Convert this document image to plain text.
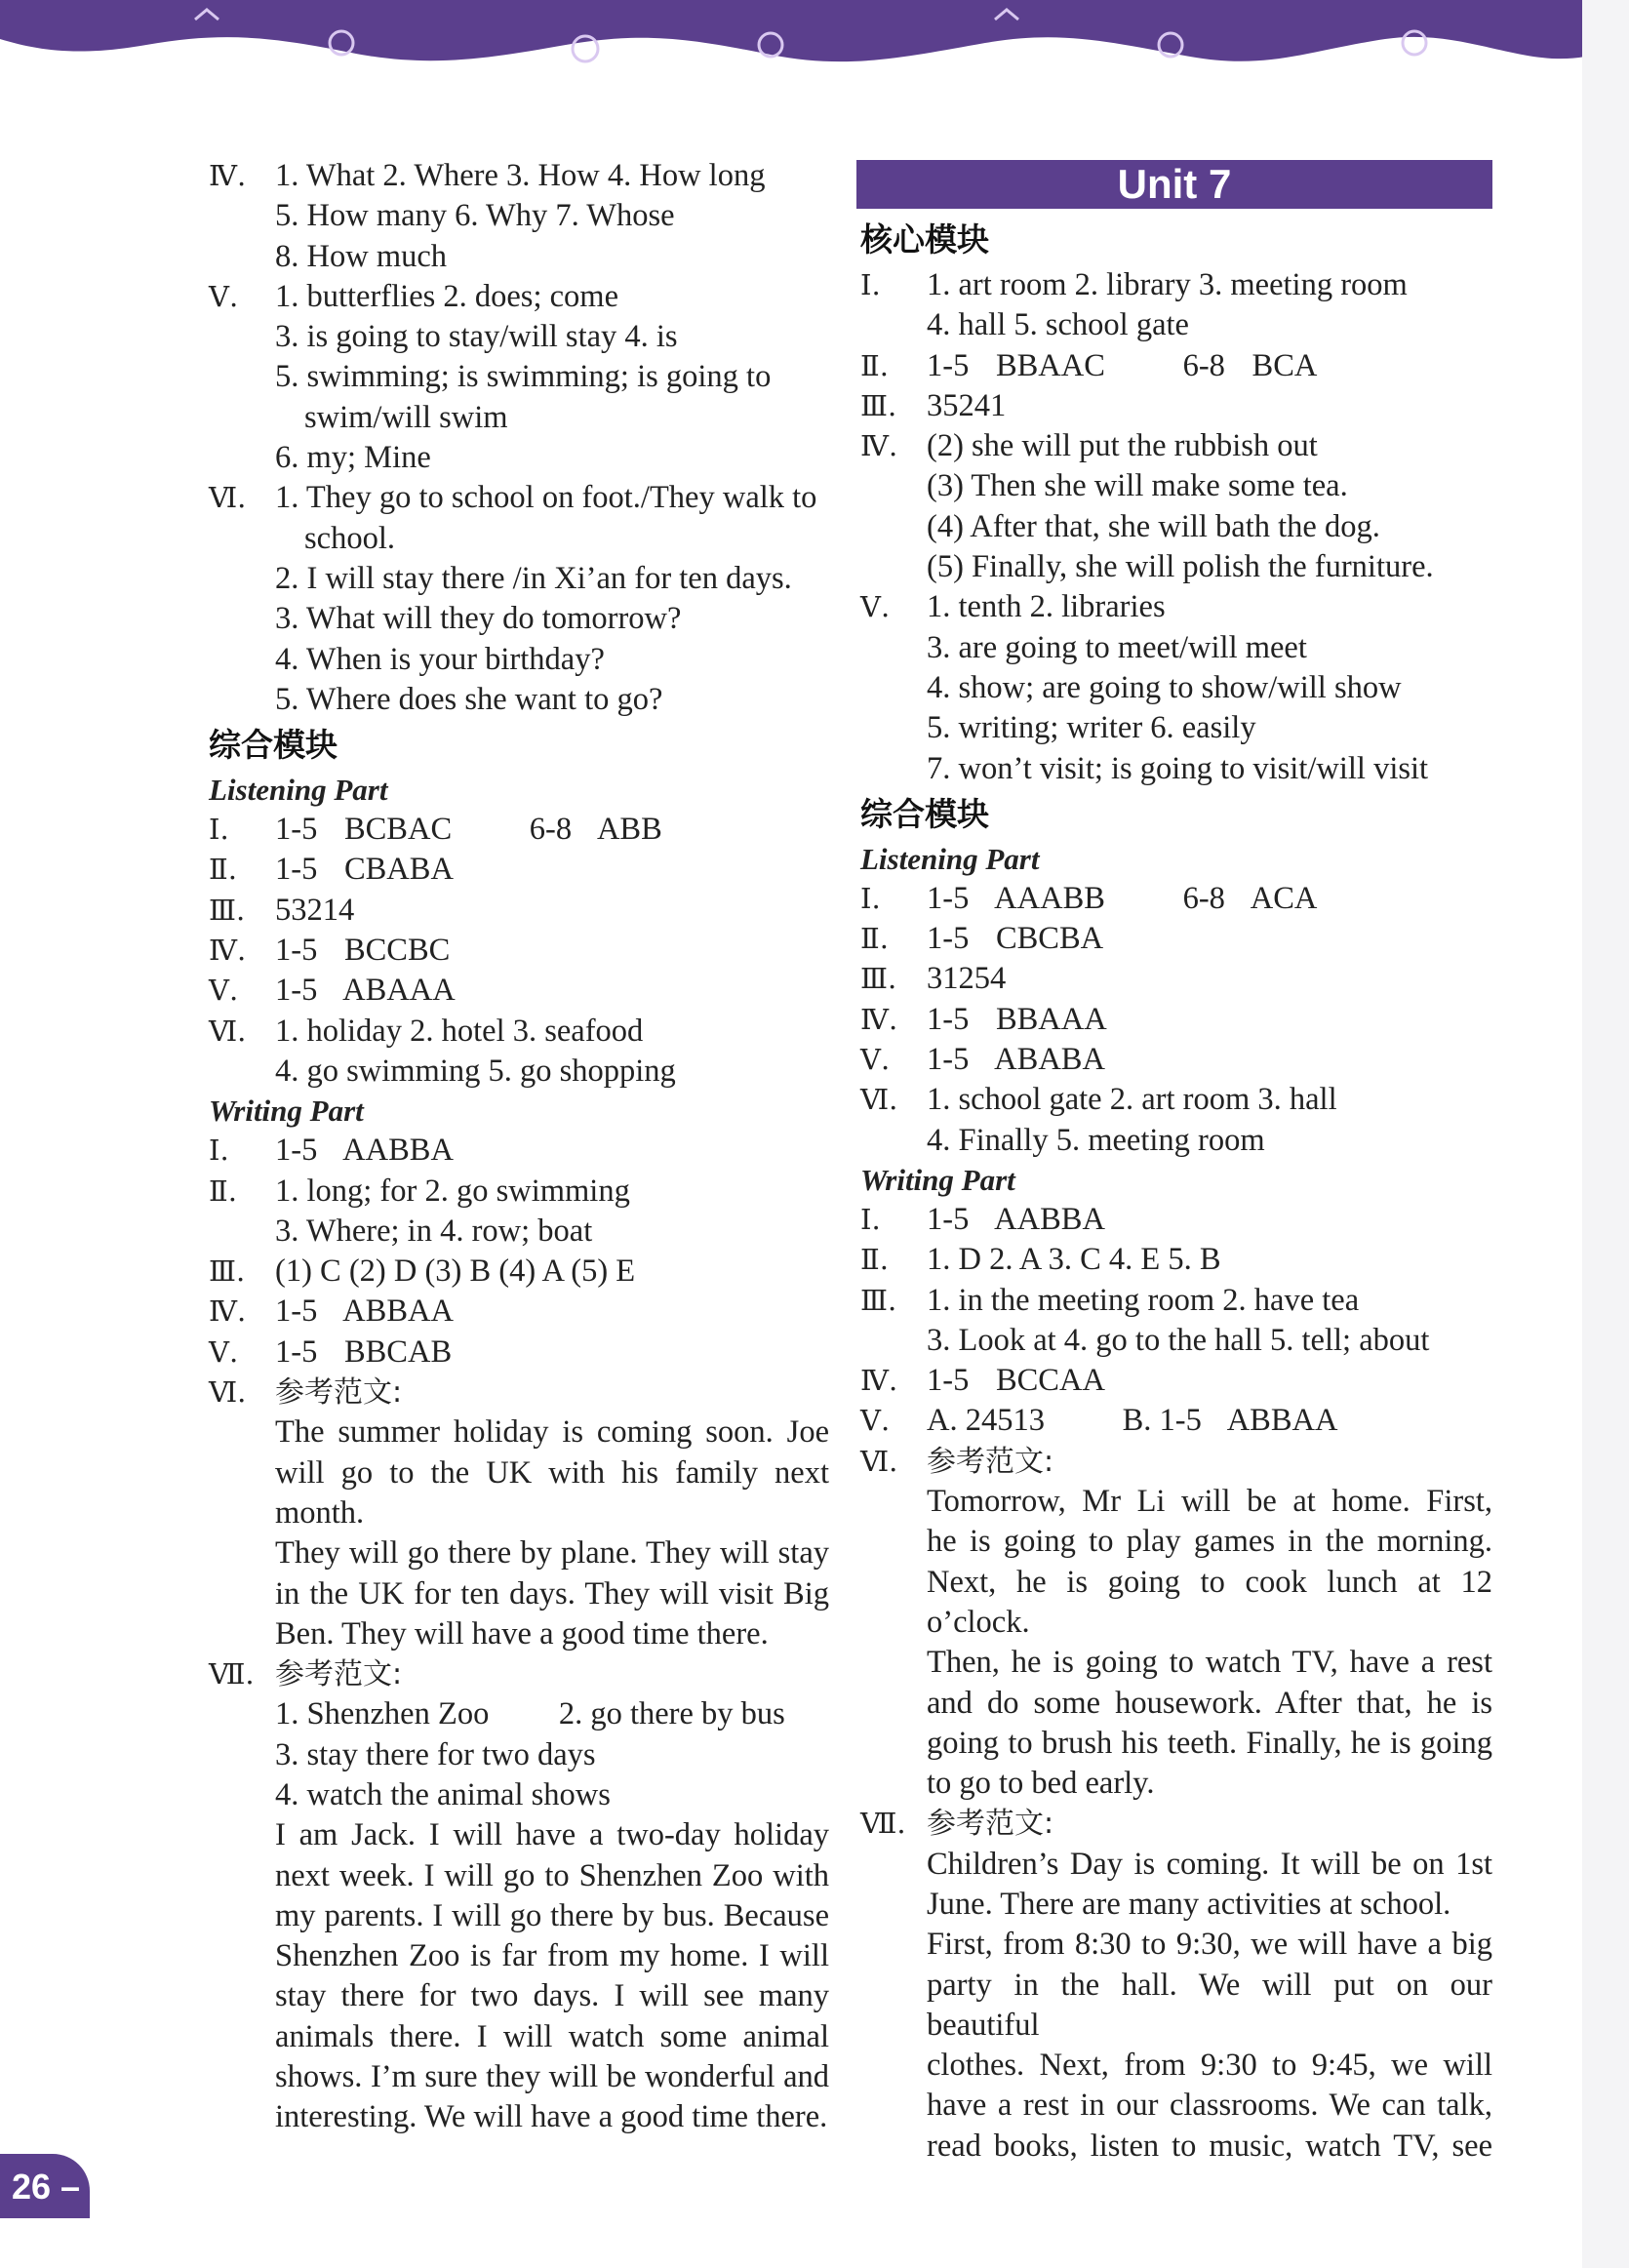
Ⅳ. 1. What 2. Where 3. How 4. How long
5. How many 6. Why 7. Whose
8. How much
Ⅴ. 1. butterflies 2. does; come
3. is going to stay/will stay 4. is
5. swimming; is swimming; is going to
swim/will swim
6. my; Mine
Ⅵ. 1. They go to school on foot./They walk to
school.
2. I will stay there /in Xi’an for ten days.
3. What will they do tomorrow?
4. When is your birthday?
5. Where does she want to go?
综合模块
Listening Part
Ⅰ. 1-5 BCBAC 6-8 ABB
Ⅱ. 1-5 CBABA
Ⅲ. 53214
Ⅳ. 1-5 BCCBC
Ⅴ. 1-5 ABAAA
Ⅵ. 1. holiday 2. hotel 3. seafood
4. go swimming 5. go shopping
Writing Part
Ⅰ. 1-5 AABBA
Ⅱ. 1. long; for 2. go swimming
3. Where; in 4. row; boat
Ⅲ. (1) C (2) D (3) B (4) A (5) E
Ⅳ. 1-5 ABBAA
Ⅴ. 1-5 BBCAB
Ⅵ. 参考范文:
The summer holiday is coming soon. Joe
will go to the UK with his family next month.
They will go there by plane. They will stay
in the UK for ten days. They will visit Big
Ben. They will have a good time there.
Ⅶ. 参考范文:
1. Shenzhen Zoo 2. go there by bus
3. stay there for two days
4. watch the animal shows
I am Jack. I will have a two-day holiday
next week. I will go to Shenzhen Zoo with
my parents. I will go there by bus. Because
Shenzhen Zoo is far from my home. I will
stay there for two days. I will see many
animals there. I will watch some animal
shows. I’m sure they will be wonderful and
interesting. We will have a good time there.
Unit 7
核心模块
Ⅰ. 1. art room 2. library 3. meeting room
4. hall 5. school gate
Ⅱ. 1-5 BBAAC 6-8 BCA
Ⅲ. 35241
Ⅳ. (2) she will put the rubbish out
(3) Then she will make some tea.
(4) After that, she will bath the dog.
(5) Finally, she will polish the furniture.
Ⅴ. 1. tenth 2. libraries
3. are going to meet/will meet
4. show; are going to show/will show
5. writing; writer 6. easily
7. won’t visit; is going to visit/will visit
综合模块
Listening Part
Ⅰ. 1-5 AAABB 6-8 ACA
Ⅱ. 1-5 CBCBA
Ⅲ. 31254
Ⅳ. 1-5 BBAAA
Ⅴ. 1-5 ABABA
Ⅵ. 1. school gate 2. art room 3. hall
4. Finally 5. meeting room
Writing Part
Ⅰ. 1-5 AABBA
Ⅱ. 1. D 2. A 3. C 4. E 5. B
Ⅲ. 1. in the meeting room 2. have tea
3. Look at 4. go to the hall 5. tell; about
Ⅳ. 1-5 BCCAA
Ⅴ. A. 24513 B. 1-5 ABBAA
Ⅵ. 参考范文:
Tomorrow, Mr Li will be at home. First,
he is going to play games in the morning.
Next, he is going to cook lunch at 12 o’clock.
Then, he is going to watch TV, have a rest
and do some housework. After that, he is
going to brush his teeth. Finally, he is going
to go to bed early.
Ⅶ. 参考范文:
Children’s Day is coming. It will be on 1st
June. There are many activities at school.
First, from 8:30 to 9:30, we will have a big
party in the hall. We will put on our beautiful
clothes. Next, from 9:30 to 9:45, we will
have a rest in our classrooms. We can talk,
read books, listen to music, watch TV, see
26 –
